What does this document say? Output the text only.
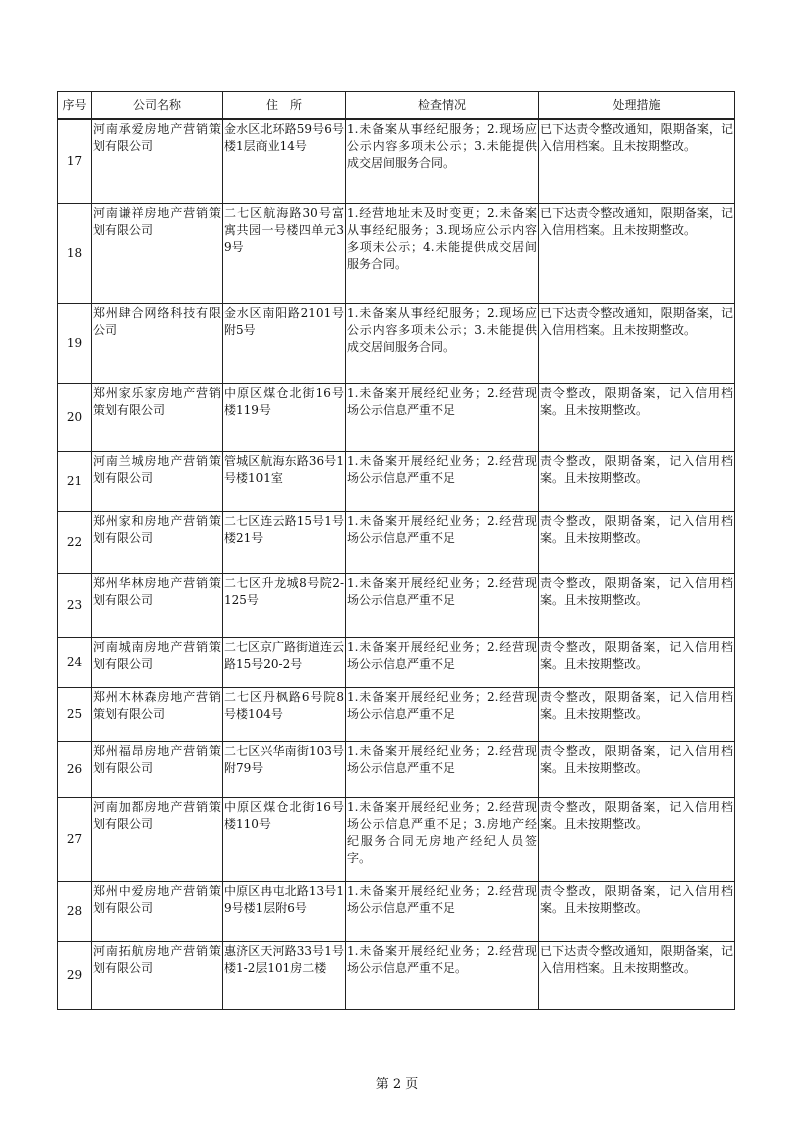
序号	公司名称	住　所	检查情况	处理措施
17	河南承爱房地产营销策划有限公司	金水区北环路59号6号楼1层商业14号	1.未备案从事经纪服务；2.现场应公示内容多项未公示；3.未能提供成交居间服务合同。	已下达责令整改通知，限期备案，记入信用档案。且未按期整改。
18	河南谦祥房地产营销策划有限公司	二七区航海路30号富寓共园一号楼四单元39号	1.经营地址未及时变更；2.未备案从事经纪服务；3.现场应公示内容多项未公示；4.未能提供成交居间服务合同。	已下达责令整改通知，限期备案，记入信用档案。且未按期整改。
19	郑州肆合网络科技有限公司	金水区南阳路2101号附5号	1.未备案从事经纪服务；2.现场应公示内容多项未公示；3.未能提供成交居间服务合同。	已下达责令整改通知，限期备案，记入信用档案。且未按期整改。
20	郑州家乐家房地产营销策划有限公司	中原区煤仓北街16号楼119号	1.未备案开展经纪业务；2.经营现场公示信息严重不足	责令整改，限期备案，记入信用档案。且未按期整改。
21	河南兰城房地产营销策划有限公司	管城区航海东路36号1号楼101室	1.未备案开展经纪业务；2.经营现场公示信息严重不足	责令整改，限期备案，记入信用档案。且未按期整改。
22	郑州家和房地产营销策划有限公司	二七区连云路15号1号楼21号	1.未备案开展经纪业务；2.经营现场公示信息严重不足	责令整改，限期备案，记入信用档案。且未按期整改。
23	郑州华林房地产营销策划有限公司	二七区升龙城8号院2-125号	1.未备案开展经纪业务；2.经营现场公示信息严重不足	责令整改，限期备案，记入信用档案。且未按期整改。
24	河南城南房地产营销策划有限公司	二七区京广路街道连云路15号20-2号	1.未备案开展经纪业务；2.经营现场公示信息严重不足	责令整改，限期备案，记入信用档案。且未按期整改。
25	郑州木林森房地产营销策划有限公司	二七区丹枫路6号院8号楼104号	1.未备案开展经纪业务；2.经营现场公示信息严重不足	责令整改，限期备案，记入信用档案。且未按期整改。
26	郑州福昂房地产营销策划有限公司	二七区兴华南街103号附79号	1.未备案开展经纪业务；2.经营现场公示信息严重不足	责令整改，限期备案，记入信用档案。且未按期整改。
27	河南加都房地产营销策划有限公司	中原区煤仓北街16号楼110号	1.未备案开展经纪业务；2.经营现场公示信息严重不足；3.房地产经纪服务合同无房地产经纪人员签字。	责令整改，限期备案，记入信用档案。且未按期整改。
28	郑州中爱房地产营销策划有限公司	中原区冉屯北路13号19号楼1层附6号	1.未备案开展经纪业务；2.经营现场公示信息严重不足	责令整改，限期备案，记入信用档案。且未按期整改。
29	河南拓航房地产营销策划有限公司	惠济区天河路33号1号楼1-2层101房二楼	1.未备案开展经纪业务；2.经营现场公示信息严重不足。	已下达责令整改通知，限期备案，记入信用档案。且未按期整改。
第 2 页
